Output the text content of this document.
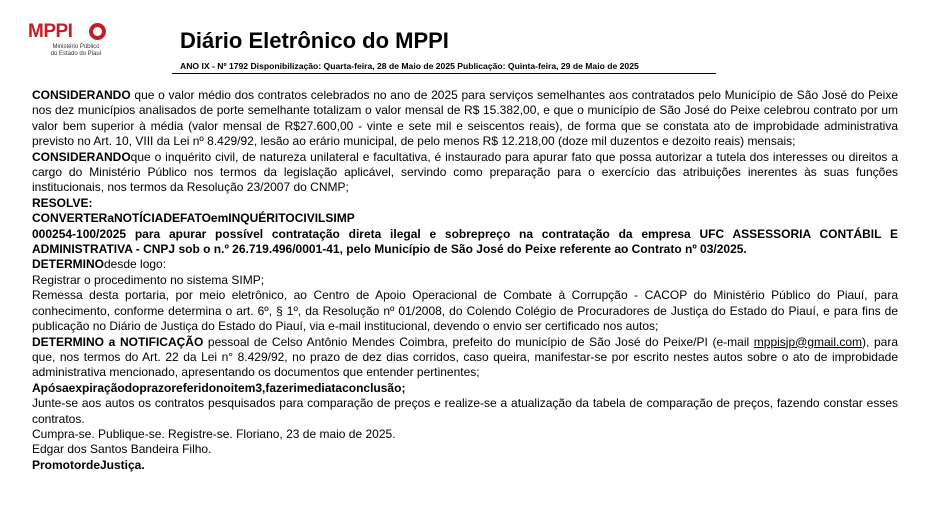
MPPI
Ministério Público
do Estado do Piauí
Diário Eletrônico do MPPI
ANO IX - Nº 1792 Disponibilização: Quarta-feira, 28 de Maio de 2025 Publicação: Quinta-feira, 29 de Maio de 2025

CONSIDERANDO que o valor médio dos contratos celebrados no ano de 2025 para serviços semelhantes aos contratados pelo Município de São José do Peixe nos dez municípios analisados de porte semelhante totalizam o valor mensal de R$ 15.382,00, e que o município de São José do Peixe celebrou contrato por um valor bem superior à média (valor mensal de R$27.600,00 - vinte e sete mil e seiscentos reais), de forma que se constata ato de improbidade administrativa previsto no Art. 10, VIII da Lei nº 8.429/92, lesão ao erário municipal, de pelo menos R$ 12.218,00 (doze mil duzentos e dezoito reais) mensais;

CONSIDERANDOque o inquérito civil, de natureza unilateral e facultativa, é instaurado para apurar fato que possa autorizar a tutela dos interesses ou direitos a cargo do Ministério Público nos termos da legislação aplicável, servindo como preparação para o exercício das atribuições inerentes às suas funções institucionais, nos termos da Resolução 23/2007 do CNMP;

RESOLVE:

CONVERTERaNOTÍCIADEFATOemINQUÉRITOCIVILSIMP

000254-100/2025 para apurar possível contratação direta ilegal e sobrepreço na contratação da empresa UFC ASSESSORIA CONTÁBIL E ADMINISTRATIVA - CNPJ sob o n.º 26.719.496/0001-41, pelo Município de São José do Peixe referente ao Contrato nº 03/2025.

DETERMINOdesde logo:

Registrar o procedimento no sistema SIMP;

Remessa desta portaria, por meio eletrônico, ao Centro de Apoio Operacional de Combate à Corrupção - CACOP do Ministério Público do Piauí, para conhecimento, conforme determina o art. 6º, § 1º, da Resolução nº 01/2008, do Colendo Colégio de Procuradores de Justiça do Estado do Piauí, e para fins de publicação no Diário de Justiça do Estado do Piauí, via e-mail institucional, devendo o envio ser certificado nos autos;

DETERMINO a NOTIFICAÇÃO pessoal de Celso Antônio Mendes Coimbra, prefeito do município de São José do Peixe/PI (e-mail mppisjp@gmail.com), para que, nos termos do Art. 22 da Lei n° 8.429/92, no prazo de dez dias corridos, caso queira, manifestar-se por escrito nestes autos sobre o ato de improbidade administrativa mencionado, apresentando os documentos que entender pertinentes;

Apósaexpiraçãodoprazoreferidonoitem3,fazerimediataconclusão;

Junte-se aos autos os contratos pesquisados para comparação de preços e realize-se a atualização da tabela de comparação de preços, fazendo constar esses contratos.

Cumpra-se. Publique-se. Registre-se. Floriano, 23 de maio de 2025.

Edgar dos Santos Bandeira Filho.

PromotordeJustiça.
